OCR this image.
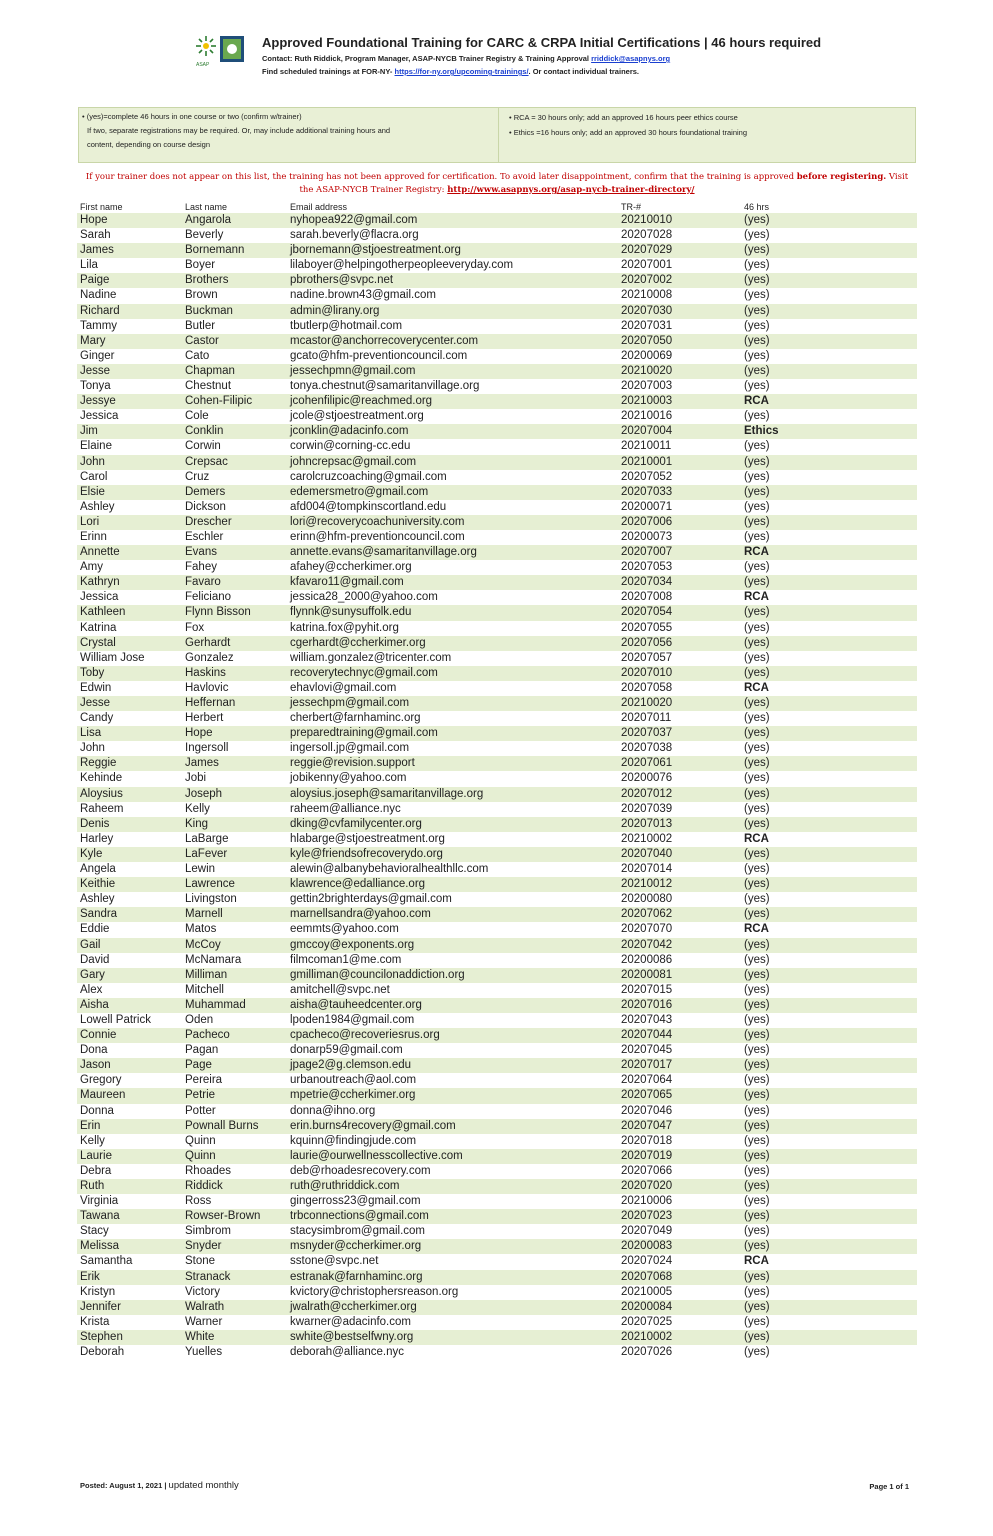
ASAP
Approved Foundational Training for CARC & CRPA Initial Certifications | 46 hours required
Contact: Ruth Riddick, Program Manager, ASAP-NYCB Trainer Registry & Training Approval rriddick@asapnys.org
Find scheduled trainings at FOR-NY- https://for-ny.org/upcoming-trainings/. Or contact individual trainers.
• (yes)=complete 46 hours in one course or two (confirm w/trainer)
If two, separate registrations may be required. Or, may include additional training hours and
content, depending on course design
• RCA = 30 hours only; add an approved 16 hours peer ethics course
• Ethics =16 hours only; add an approved 30 hours foundational training
If your trainer does not appear on this list, the training has not been approved for certification. To avoid later disappointment, confirm that the training is approved before registering. Visit the ASAP-NYCB Trainer Registry: http://www.asapnys.org/asap-nycb-trainer-directory/
First name	Last name	Email address	TR-#	46 hrs
Hope	Angarola	nyhopea922@gmail.com	20210010	(yes)
Sarah	Beverly	sarah.beverly@flacra.org	20207028	(yes)
James	Bornemann	jbornemann@stjoestreatment.org	20207029	(yes)
Lila	Boyer	lilaboyer@helpingotherpeopleeveryday.com	20207001	(yes)
Paige	Brothers	pbrothers@svpc.net	20207002	(yes)
Nadine	Brown	nadine.brown43@gmail.com	20210008	(yes)
Richard	Buckman	admin@lirany.org	20207030	(yes)
Tammy	Butler	tbutlerp@hotmail.com	20207031	(yes)
Mary	Castor	mcastor@anchorrecoverycenter.com	20207050	(yes)
Ginger	Cato	gcato@hfm-preventioncouncil.com	20200069	(yes)
Jesse	Chapman	jessechpmn@gmail.com	20210020	(yes)
Tonya	Chestnut	tonya.chestnut@samaritanvillage.org	20207003	(yes)
Jessye	Cohen-Filipic	jcohenfilipic@reachmed.org	20210003	RCA
Jessica	Cole	jcole@stjoestreatment.org	20210016	(yes)
Jim	Conklin	jconklin@adacinfo.com	20207004	Ethics
Elaine	Corwin	corwin@corning-cc.edu	20210011	(yes)
John	Crepsac	johncrepsac@gmail.com	20210001	(yes)
Carol	Cruz	carolcruzcoaching@gmail.com	20207052	(yes)
Elsie	Demers	edemersmetro@gmail.com	20207033	(yes)
Ashley	Dickson	afd004@tompkinscortland.edu	20200071	(yes)
Lori	Drescher	lori@recoverycoachuniversity.com	20207006	(yes)
Erinn	Eschler	erinn@hfm-preventioncouncil.com	20200073	(yes)
Annette	Evans	annette.evans@samaritanvillage.org	20207007	RCA
Amy	Fahey	afahey@ccherkimer.org	20207053	(yes)
Kathryn	Favaro	kfavaro11@gmail.com	20207034	(yes)
Jessica	Feliciano	jessica28_2000@yahoo.com	20207008	RCA
Kathleen	Flynn Bisson	flynnk@sunysuffolk.edu	20207054	(yes)
Katrina	Fox	katrina.fox@pyhit.org	20207055	(yes)
Crystal	Gerhardt	cgerhardt@ccherkimer.org	20207056	(yes)
William Jose	Gonzalez	william.gonzalez@tricenter.com	20207057	(yes)
Toby	Haskins	recoverytechnyc@gmail.com	20207010	(yes)
Edwin	Havlovic	ehavlovi@gmail.com	20207058	RCA
Jesse	Heffernan	jessechpm@gmail.com	20210020	(yes)
Candy	Herbert	cherbert@farnhaminc.org	20207011	(yes)
Lisa	Hope	preparedtraining@gmail.com	20207037	(yes)
John	Ingersoll	ingersoll.jp@gmail.com	20207038	(yes)
Reggie	James	reggie@revision.support	20207061	(yes)
Kehinde	Jobi	jobikenny@yahoo.com	20200076	(yes)
Aloysius	Joseph	aloysius.joseph@samaritanvillage.org	20207012	(yes)
Raheem	Kelly	raheem@alliance.nyc	20207039	(yes)
Denis	King	dking@cvfamilycenter.org	20207013	(yes)
Harley	LaBarge	hlabarge@stjoestreatment.org	20210002	RCA
Kyle	LaFever	kyle@friendsofrecoverydo.org	20207040	(yes)
Angela	Lewin	alewin@albanybehavioralhealthllc.com	20207014	(yes)
Keithie	Lawrence	klawrence@edalliance.org	20210012	(yes)
Ashley	Livingston	gettin2brighterdays@gmail.com	20200080	(yes)
Sandra	Marnell	marnellsandra@yahoo.com	20207062	(yes)
Eddie	Matos	eemmts@yahoo.com	20207070	RCA
Gail	McCoy	gmccoy@exponents.org	20207042	(yes)
David	McNamara	filmcoman1@me.com	20200086	(yes)
Gary	Milliman	gmilliman@councilonaddiction.org	20200081	(yes)
Alex	Mitchell	amitchell@svpc.net	20207015	(yes)
Aisha	Muhammad	aisha@tauheedcenter.org	20207016	(yes)
Lowell Patrick	Oden	lpoden1984@gmail.com	20207043	(yes)
Connie	Pacheco	cpacheco@recoveriesrus.org	20207044	(yes)
Dona	Pagan	donarp59@gmail.com	20207045	(yes)
Jason	Page	jpage2@g.clemson.edu	20207017	(yes)
Gregory	Pereira	urbanoutreach@aol.com	20207064	(yes)
Maureen	Petrie	mpetrie@ccherkimer.org	20207065	(yes)
Donna	Potter	donna@ihno.org	20207046	(yes)
Erin	Pownall Burns	erin.burns4recovery@gmail.com	20207047	(yes)
Kelly	Quinn	kquinn@findingjude.com	20207018	(yes)
Laurie	Quinn	laurie@ourwellnesscollective.com	20207019	(yes)
Debra	Rhoades	deb@rhoadesrecovery.com	20207066	(yes)
Ruth	Riddick	ruth@ruthriddick.com	20207020	(yes)
Virginia	Ross	gingerross23@gmail.com	20210006	(yes)
Tawana	Rowser-Brown	trbconnections@gmail.com	20207023	(yes)
Stacy	Simbrom	stacysimbrom@gmail.com	20207049	(yes)
Melissa	Snyder	msnyder@ccherkimer.org	20200083	(yes)
Samantha	Stone	sstone@svpc.net	20207024	RCA
Erik	Stranack	estranak@farnhaminc.org	20207068	(yes)
Kristyn	Victory	kvictory@christophersreason.org	20210005	(yes)
Jennifer	Walrath	jwalrath@ccherkimer.org	20200084	(yes)
Krista	Warner	kwarner@adacinfo.com	20207025	(yes)
Stephen	White	swhite@bestselfwny.org	20210002	(yes)
Deborah	Yuelles	deborah@alliance.nyc	20207026	(yes)
Posted: August 1, 2021 | updated monthly	Page 1 of 1
